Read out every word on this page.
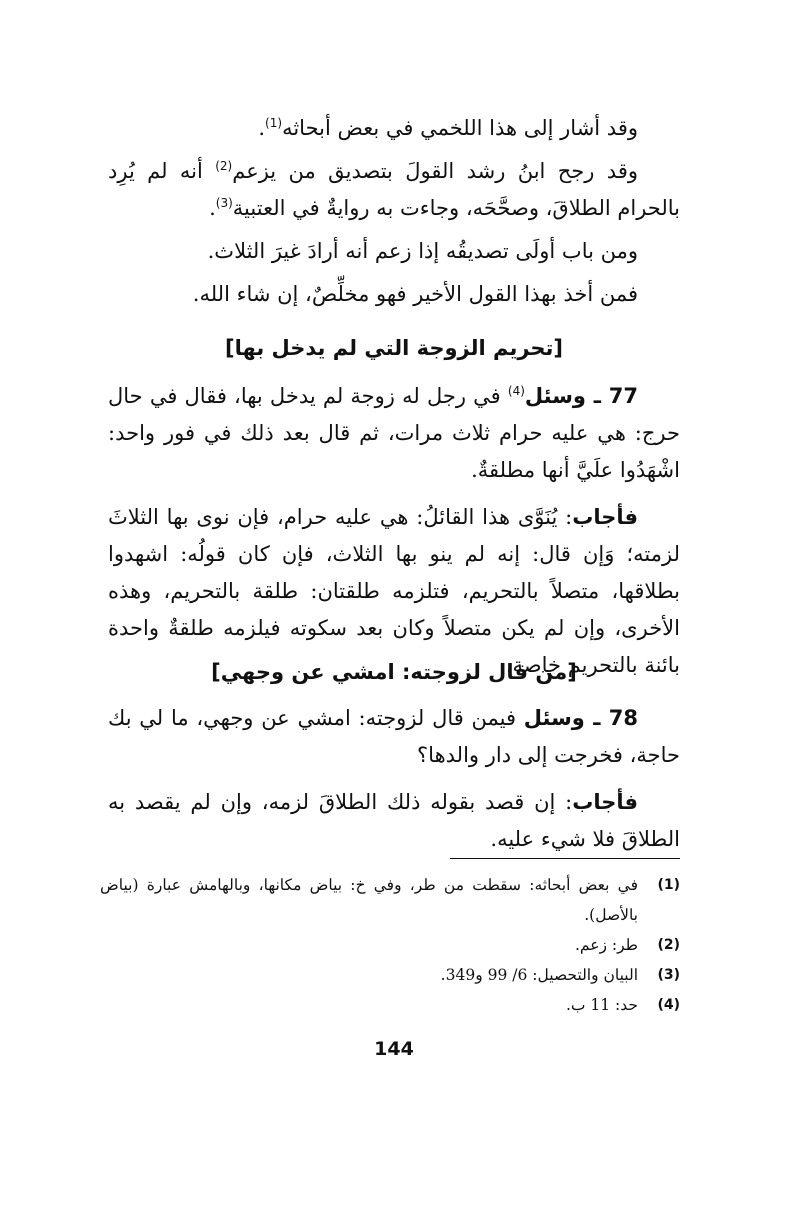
وقد أشار إلى هذا اللخمي في بعض أبحاثه$^{(1)}$.

وقد رجح ابنُ رشد القولَ بتصديق من يزعم$^{(2)}$ أنه لم يُرِد بالحرام الطلاقَ، وصحَّحَه، وجاءت به روايةٌ في العتبية$^{(3)}$.

ومن باب أولَى تصديقُه إذا زعم أنه أرادَ غيرَ الثلاث.

فمن أخذ بهذا القول الأخير فهو مخلِّصٌ، إن شاء الله.

[تحريم الزوجة التي لم يدخل بها]

77 ـ وسئل$^{(4)}$ في رجل له زوجة لم يدخل بها، فقال في حال حرج: هي عليه حرام ثلاث مرات، ثم قال بعد ذلك في فور واحد: اشْهَدُوا علَيَّ أنها مطلقةٌ.

فأجاب: يُنَوَّى هذا القائلُ: هي عليه حرام، فإن نوى بها الثلاثَ لزمته؛ وَإن قال: إنه لم ينو بها الثلاث، فإن كان قولُه: اشهدوا بطلاقها، متصلاً بالتحريم، فتلزمه طلقتان: طلقة بالتحريم، وهذه الأخرى، وإن لم يكن متصلاً وكان بعد سكوته فيلزمه طلقةٌ واحدة بائنة بالتحريم خاصة.

[من قال لزوجته: امشي عن وجهي]

78 ـ وسئل فيمن قال لزوجته: امشي عن وجهي، ما لي بك حاجة، فخرجت إلى دار والدها؟

فأجاب: إن قصد بقوله ذلك الطلاقَ لزمه، وإن لم يقصد به الطلاقَ فلا شيء عليه.

(1)
في بعض أبحاثه: سقطت من طر، وفي خ: بياض مكانها، وبالهامش عبارة (بياض بالأصل).
(2)
طر: زعم.
(3)
البيان والتحصيل: 6/ 99 و349.
(4)
حد: 11 ب.
144
